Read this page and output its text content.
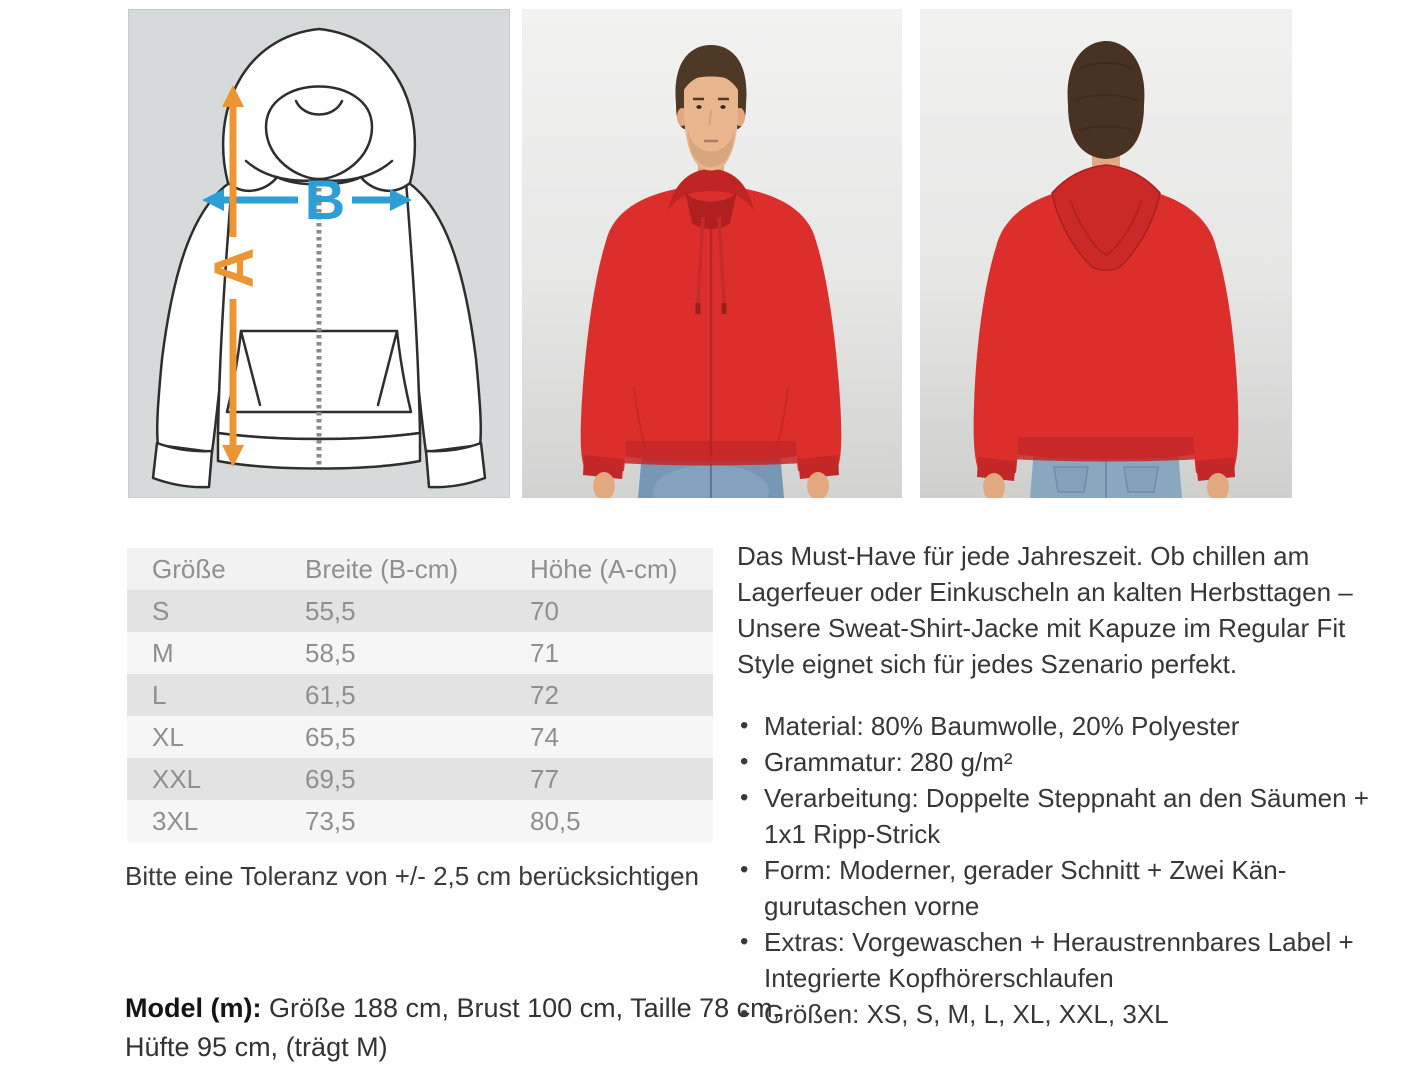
B
A
Größe	Breite (B-cm)	Höhe (A-cm)
S	55,5	70
M	58,5	71
L	61,5	72
XL	65,5	74
XXL	69,5	77
3XL	73,5	80,5
Bitte eine Toleranz von +/- 2,5 cm berücksichtigen
Model (m): Größe 188 cm, Brust 100 cm, Taille 78 cm, Hüfte 95 cm, (trägt M)

Das Must-Have für jede Jahreszeit. Ob chillen am Lagerfeuer oder Einkuscheln an kalten Herbsttagen – Unsere Sweat-Shirt-Jacke mit Kapuze im Regular Fit Style eignet sich für jedes Szenario perfekt.

• Material: 80% Baumwolle, 20% Polyester
• Grammatur: 280 g/m²
• Verarbeitung: Doppelte Steppnaht an den Säumen + 1x1 Ripp-Strick
• Form: Moderner, gerader Schnitt + Zwei Kängurutaschen vorne
• Extras: Vorgewaschen + Heraustrennbares Label + Integrierte Kopfhörerschlaufen
• Größen: XS, S, M, L, XL, XXL, 3XL
